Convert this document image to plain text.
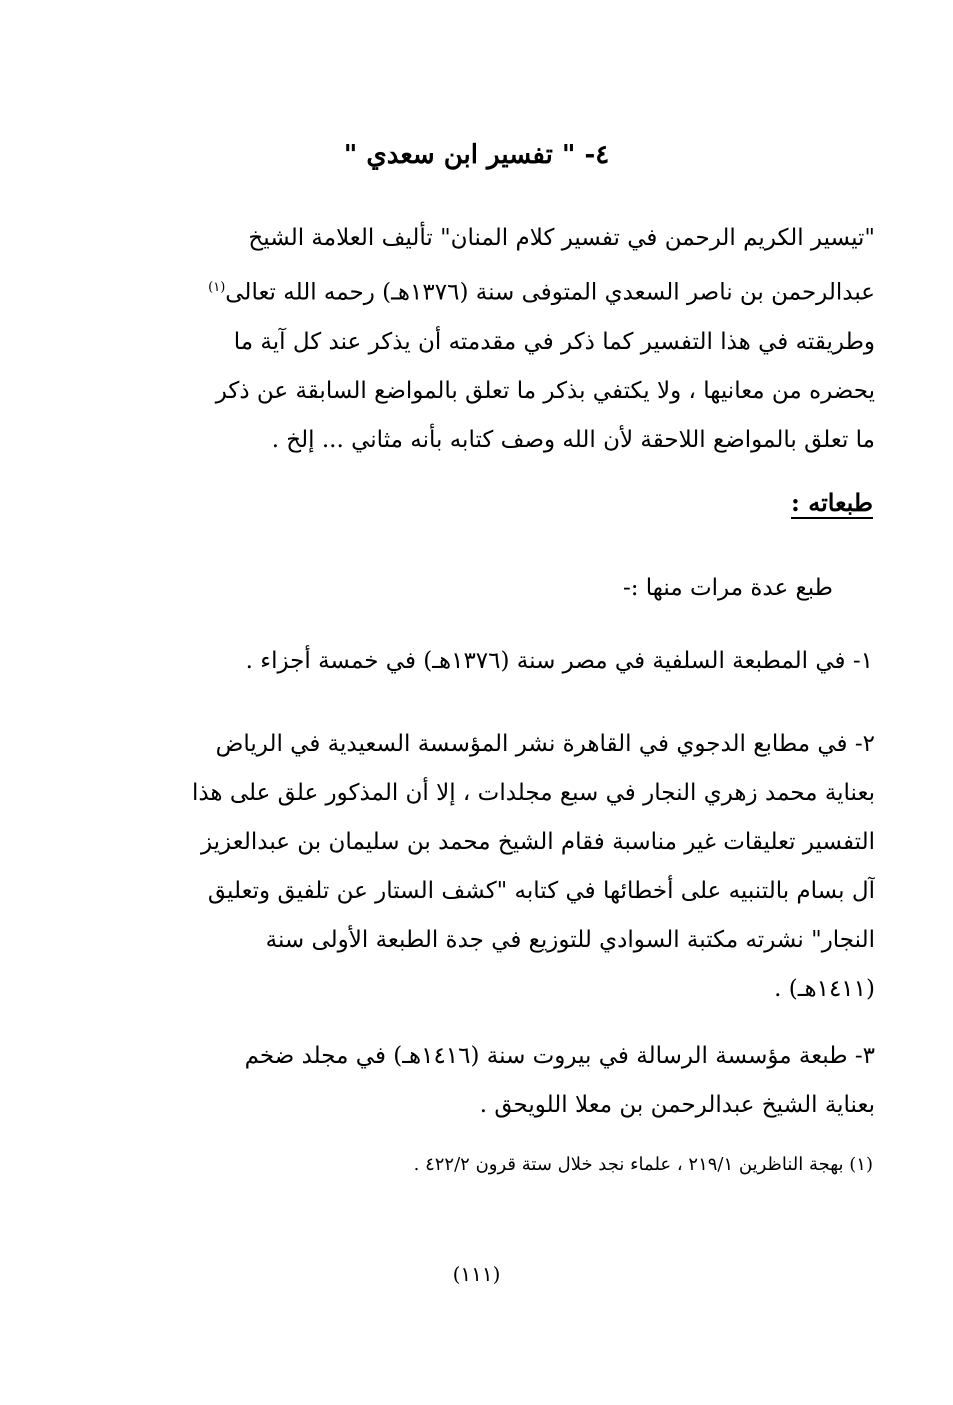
٤- " تفسير ابن سعدي "
"تيسير الكريم الرحمن في تفسير كلام المنان" تأليف العلامة الشيخ
عبدالرحمن بن ناصر السعدي المتوفى سنة (١٣٧٦هـ) رحمه الله تعالى$^{(١)}$
وطريقته في هذا التفسير كما ذكر في مقدمته أن يذكر عند كل آية ما
يحضره من معانيها ، ولا يكتفي بذكر ما تعلق بالمواضع السابقة عن ذكر
ما تعلق بالمواضع اللاحقة لأن الله وصف كتابه بأنه مثاني ... إلخ .
طبعاته :
طبع عدة مرات منها :-
١- في المطبعة السلفية في مصر سنة (١٣٧٦هـ) في خمسة أجزاء .
٢- في مطابع الدجوي في القاهرة نشر المؤسسة السعيدية في الرياض
بعناية محمد زهري النجار في سبع مجلدات ، إلا أن المذكور علق على هذا
التفسير تعليقات غير مناسبة فقام الشيخ محمد بن سليمان بن عبدالعزيز
آل بسام بالتنبيه على أخطائها في كتابه "كشف الستار عن تلفيق وتعليق
النجار" نشرته مكتبة السوادي للتوزيع في جدة الطبعة الأولى سنة
(١٤١١هـ) .
٣- طبعة مؤسسة الرسالة في بيروت سنة (١٤١٦هـ) في مجلد ضخم
بعناية الشيخ عبدالرحمن بن معلا اللويحق .
(١) بهجة الناظرين ٢١٩/١ ، علماء نجد خلال ستة قرون ٤٢٢/٢ .
(١١١)
